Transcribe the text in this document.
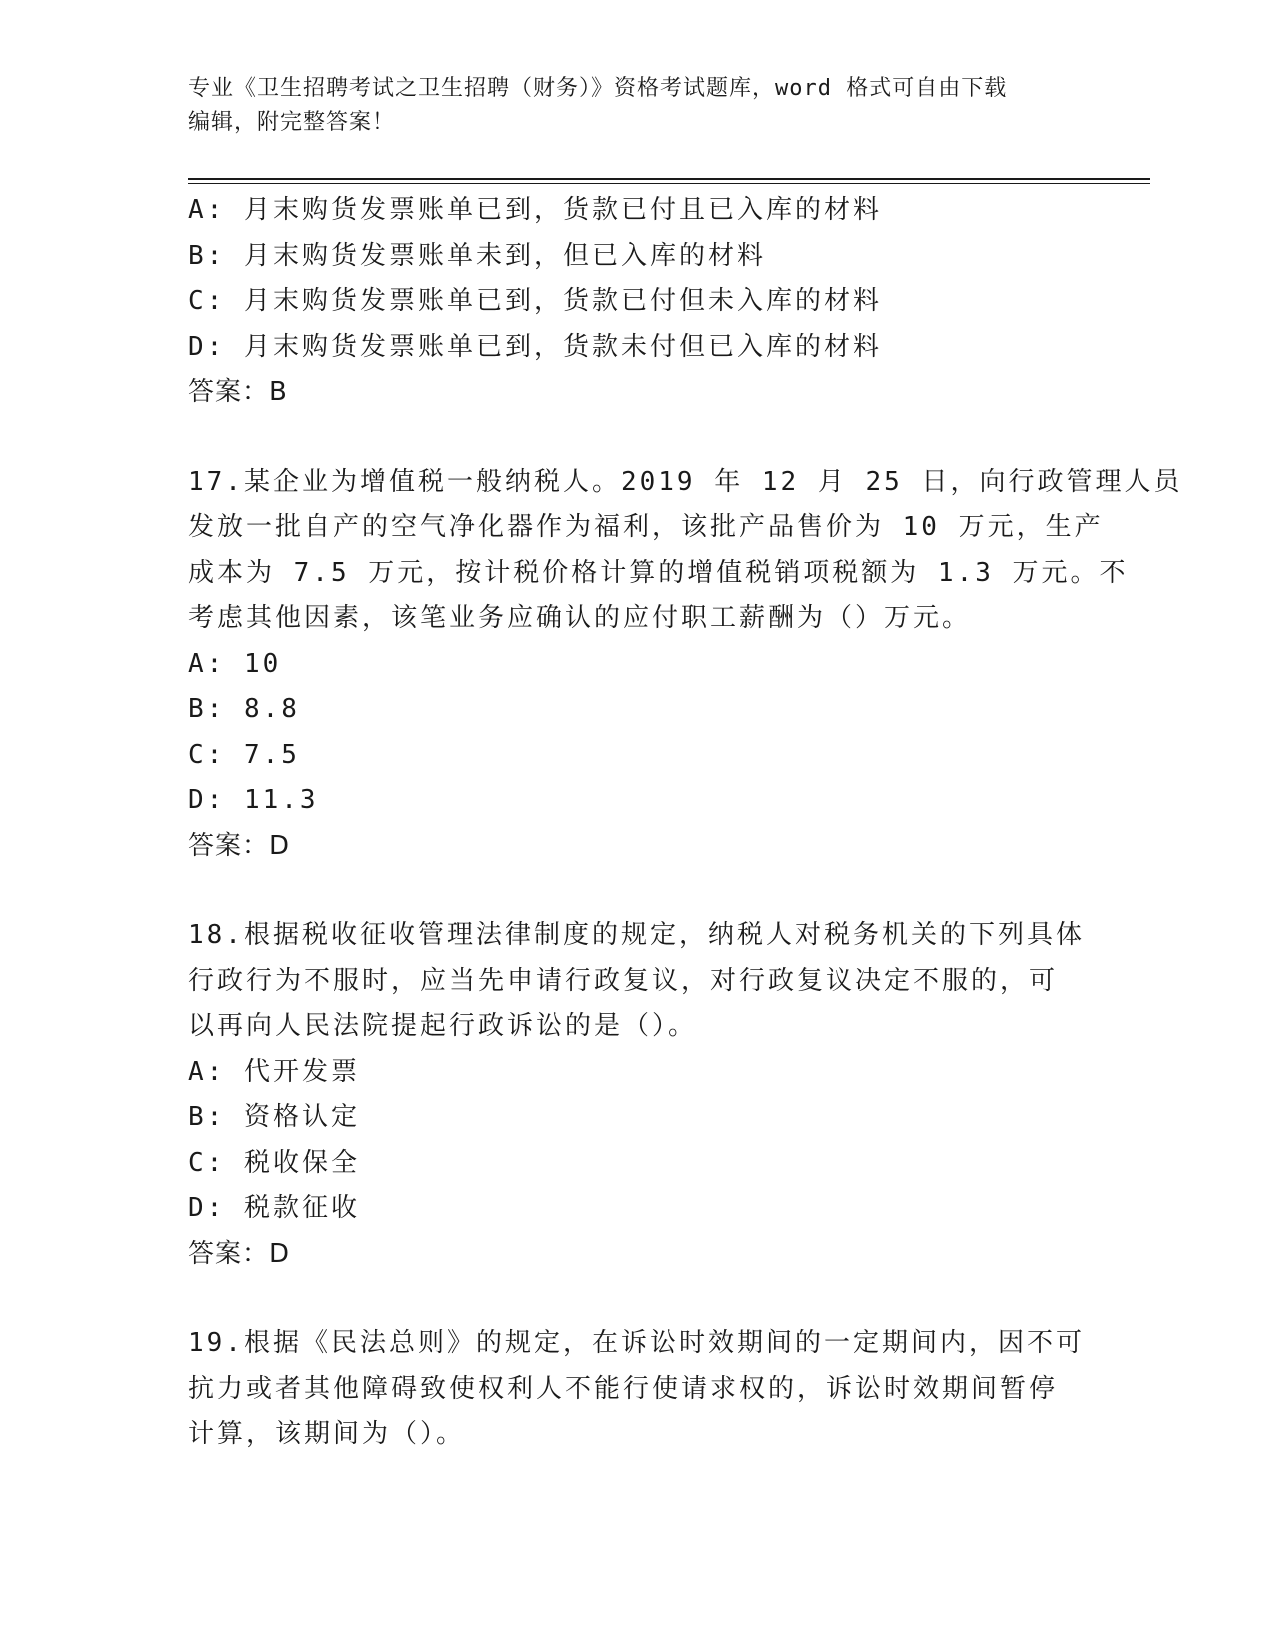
专业《卫生招聘考试之卫生招聘（财务）》资格考试题库，word 格式可自由下载
编辑，附完整答案！
A: 月末购货发票账单已到，货款已付且已入库的材料
B: 月末购货发票账单未到，但已入库的材料
C: 月末购货发票账单已到，货款已付但未入库的材料
D: 月末购货发票账单已到，货款未付但已入库的材料
答案：B
17.某企业为增值税一般纳税人。2019 年 12 月 25 日，向行政管理人员
发放一批自产的空气净化器作为福利，该批产品售价为 10 万元，生产
成本为 7.5 万元，按计税价格计算的增值税销项税额为 1.3 万元。不
考虑其他因素，该笔业务应确认的应付职工薪酬为（）万元。
A: 10
B: 8.8
C: 7.5
D: 11.3
答案：D
18.根据税收征收管理法律制度的规定，纳税人对税务机关的下列具体
行政行为不服时，应当先申请行政复议，对行政复议决定不服的，可
以再向人民法院提起行政诉讼的是（）。
A: 代开发票
B: 资格认定
C: 税收保全
D: 税款征收
答案：D
19.根据《民法总则》的规定，在诉讼时效期间的一定期间内，因不可
抗力或者其他障碍致使权利人不能行使请求权的，诉讼时效期间暂停
计算，该期间为（）。
